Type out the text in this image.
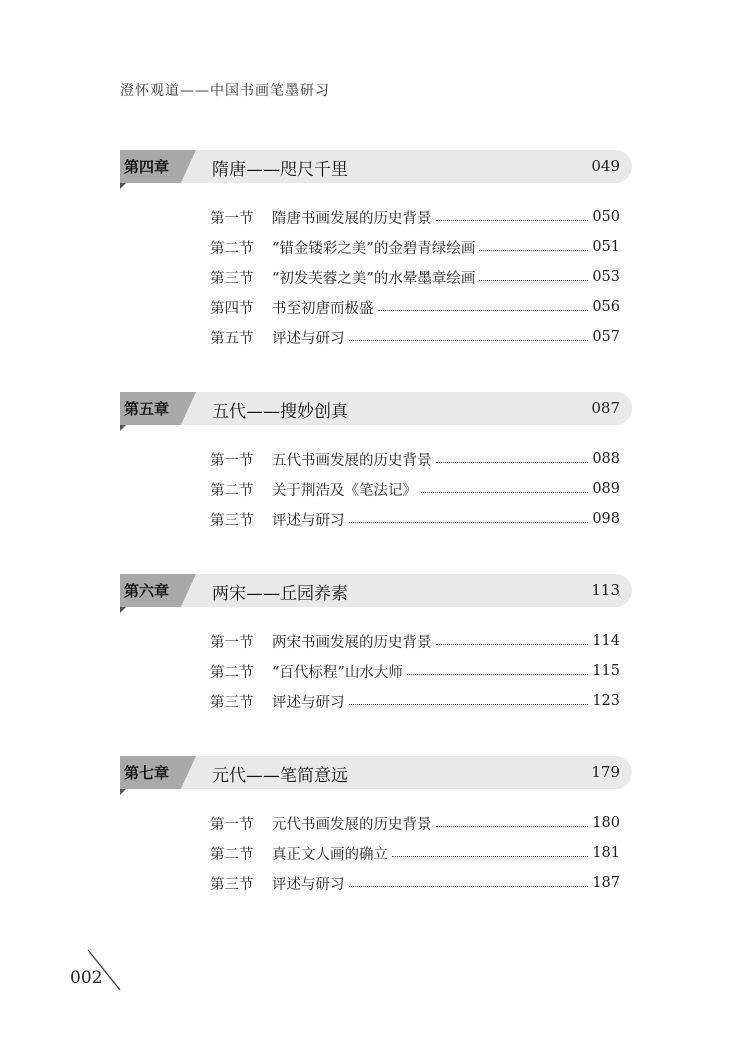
澄怀观道——中国书画笔墨研习
第四章	隋唐——咫尺千里	049
第一节	隋唐书画发展的历史背景	050
第二节	“错金镂彩之美”的金碧青绿绘画	051
第三节	“初发芙蓉之美”的水晕墨章绘画	053
第四节	书至初唐而极盛	056
第五节	评述与研习	057
第五章	五代——搜妙创真	087
第一节	五代书画发展的历史背景	088
第二节	关于荆浩及《笔法记》	089
第三节	评述与研习	098
第六章	两宋——丘园养素	113
第一节	两宋书画发展的历史背景	114
第二节	“百代标程”山水大师	115
第三节	评述与研习	123
第七章	元代——笔简意远	179
第一节	元代书画发展的历史背景	180
第二节	真正文人画的确立	181
第三节	评述与研习	187
002
